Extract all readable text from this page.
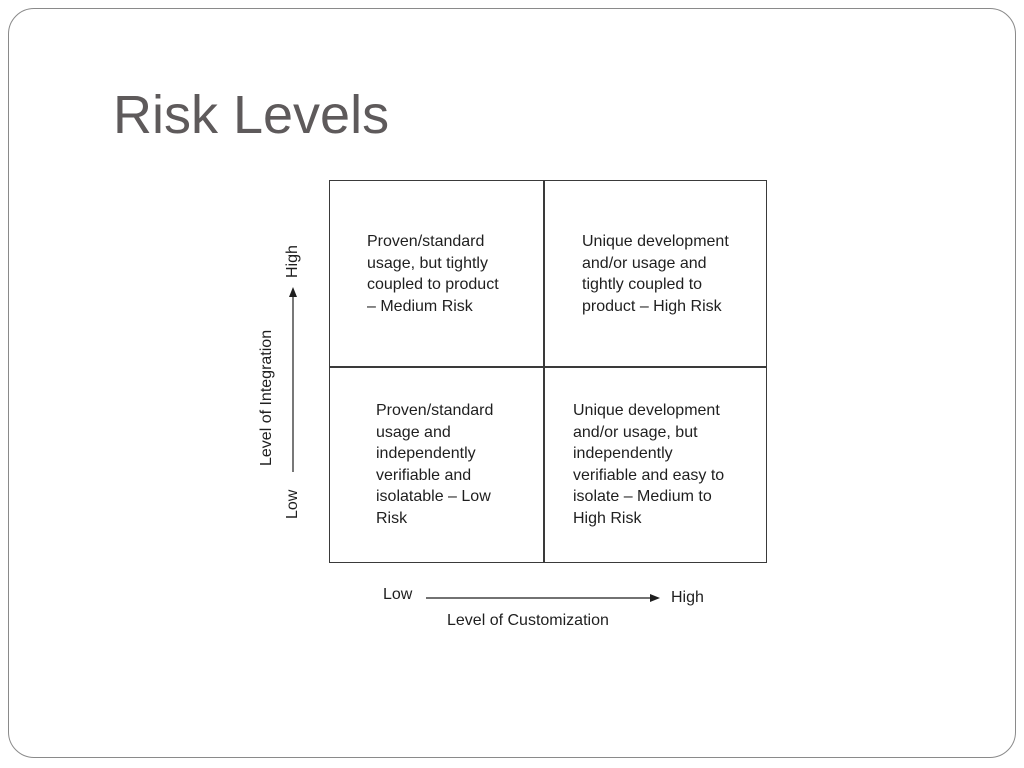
Risk Levels
Proven/standard
usage, but tightly
coupled to product
– Medium Risk
Unique development
and/or usage and
tightly coupled to
product – High Risk
Proven/standard
usage and
independently
verifiable and
isolatable – Low
Risk
Unique development
and/or usage, but
independently
verifiable and easy to
isolate – Medium to
High Risk
Low	High
Level of Customization
High
Level of Integration
Low
